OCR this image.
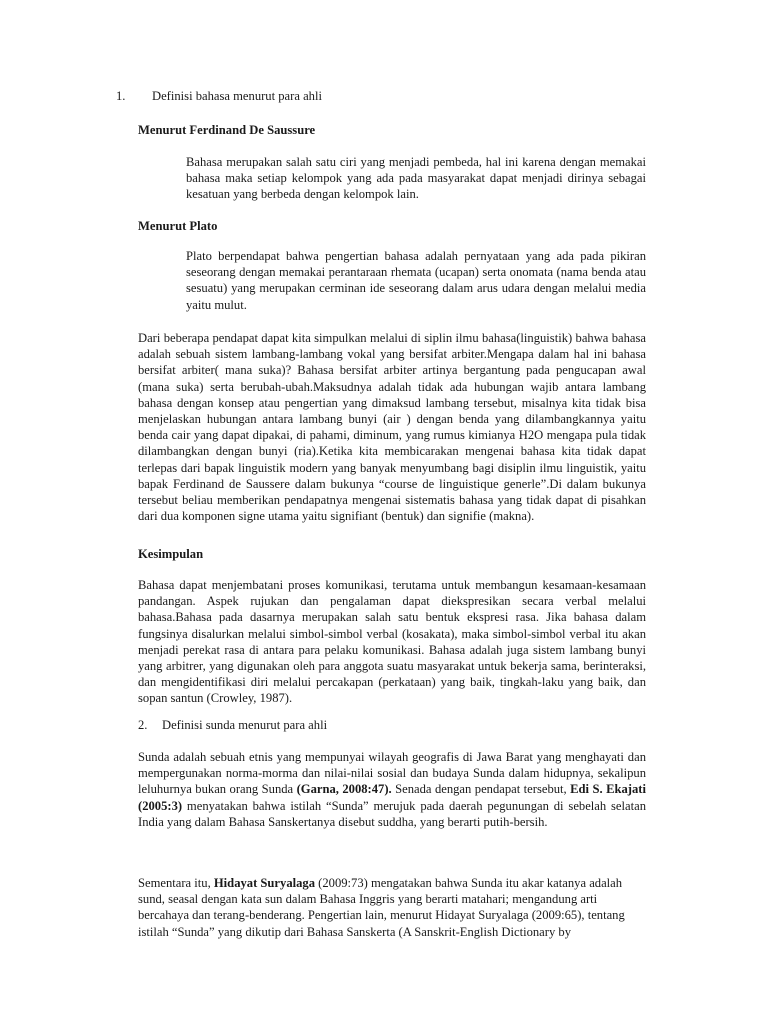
1. Definisi bahasa menurut para ahli
Menurut Ferdinand De Saussure

Bahasa merupakan salah satu ciri yang menjadi pembeda, hal ini karena dengan memakai bahasa maka setiap kelompok yang ada pada masyarakat dapat menjadi dirinya sebagai kesatuan yang berbeda dengan kelompok lain.

Menurut Plato

Plato berpendapat bahwa pengertian bahasa adalah pernyataan yang ada pada pikiran seseorang dengan memakai perantaraan rhemata (ucapan) serta onomata (nama benda atau sesuatu) yang merupakan cerminan ide seseorang dalam arus udara dengan melalui media yaitu mulut.

Dari beberapa pendapat dapat kita simpulkan melalui di siplin ilmu bahasa(linguistik) bahwa bahasa adalah sebuah sistem lambang-lambang vokal yang bersifat arbiter.Mengapa dalam hal ini bahasa bersifat arbiter( mana suka)? Bahasa bersifat arbiter artinya bergantung pada pengucapan awal (mana suka) serta berubah-ubah.Maksudnya adalah tidak ada hubungan wajib antara lambang bahasa dengan konsep atau pengertian yang dimaksud lambang tersebut, misalnya kita tidak bisa menjelaskan hubungan antara lambang bunyi (air ) dengan benda yang dilambangkannya yaitu benda cair yang dapat dipakai, di pahami, diminum, yang rumus kimianya H2O mengapa pula tidak dilambangkan dengan bunyi (ria).Ketika kita membicarakan mengenai bahasa kita tidak dapat terlepas dari bapak linguistik modern yang banyak menyumbang bagi disiplin ilmu linguistik, yaitu bapak Ferdinand de Saussere dalam bukunya “course de linguistique generle”.Di dalam bukunya tersebut beliau memberikan pendapatnya mengenai sistematis bahasa yang tidak dapat di pisahkan dari dua komponen signe utama yaitu signifiant (bentuk) dan signifie (makna).

Kesimpulan

Bahasa dapat menjembatani proses komunikasi, terutama untuk membangun kesamaan-kesamaan pandangan. Aspek rujukan dan pengalaman dapat diekspresikan secara verbal melalui bahasa.Bahasa pada dasarnya merupakan salah satu bentuk ekspresi rasa. Jika bahasa dalam fungsinya disalurkan melalui simbol-simbol verbal (kosakata), maka simbol-simbol verbal itu akan menjadi perekat rasa di antara para pelaku komunikasi. Bahasa adalah juga sistem lambang bunyi yang arbitrer, yang digunakan oleh para anggota suatu masyarakat untuk bekerja sama, berinteraksi, dan mengidentifikasi diri melalui percakapan (perkataan) yang baik, tingkah-laku yang baik, dan sopan santun (Crowley, 1987).

2. Definisi sunda menurut para ahli

Sunda adalah sebuah etnis yang mempunyai wilayah geografis di Jawa Barat yang menghayati dan mempergunakan norma-morma dan nilai-nilai sosial dan budaya Sunda dalam hidupnya, sekalipun leluhurnya bukan orang Sunda (Garna, 2008:47). Senada dengan pendapat tersebut, Edi S. Ekajati (2005:3) menyatakan bahwa istilah “Sunda” merujuk pada daerah pegunungan di sebelah selatan India yang dalam Bahasa Sanskertanya disebut suddha, yang berarti putih-bersih.

Sementara itu, Hidayat Suryalaga (2009:73) mengatakan bahwa Sunda itu akar katanya adalah sund, seasal dengan kata sun dalam Bahasa Inggris yang berarti matahari; mengandung arti bercahaya dan terang-benderang. Pengertian lain, menurut Hidayat Suryalaga (2009:65), tentang istilah “Sunda” yang dikutip dari Bahasa Sanskerta (A Sanskrit-English Dictionary by
